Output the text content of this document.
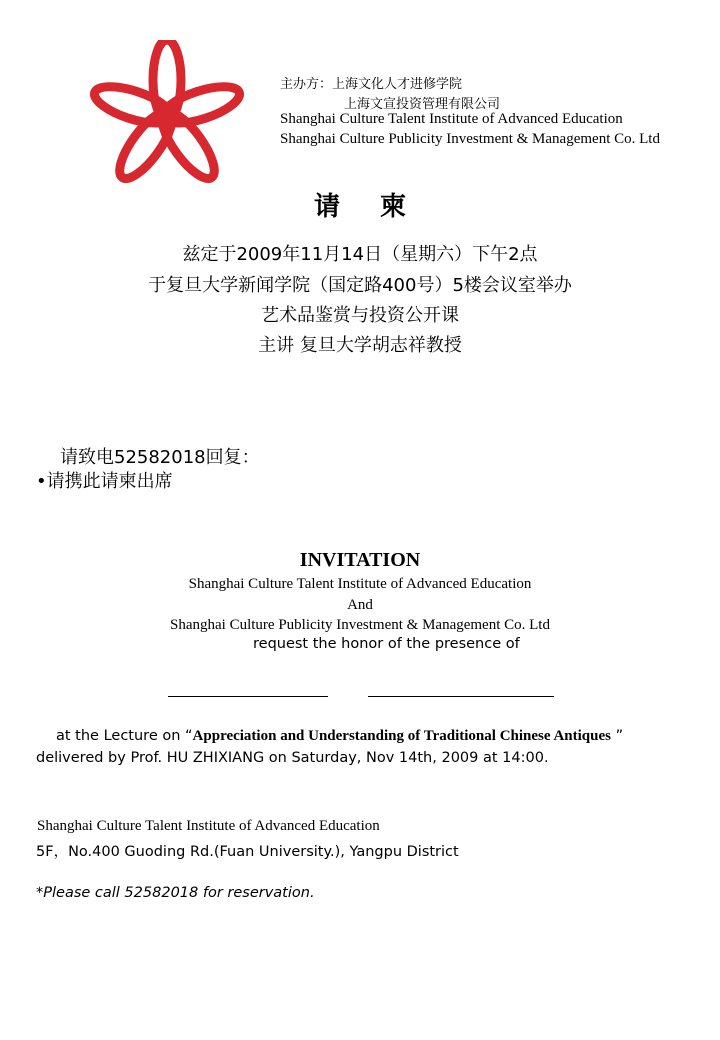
主办方：上海文化人才进修学院
上海文宣投资管理有限公司
Shanghai Culture Talent Institute of Advanced Education
Shanghai Culture Publicity Investment & Management Co. Ltd
请柬
兹定于2009年11月14日（星期六）下午2点
于复旦大学新闻学院（国定路400号）5楼会议室举办
艺术品鉴赏与投资公开课
主讲 复旦大学胡志祥教授
请致电52582018回复：
•请携此请柬出席
INVITATION
Shanghai Culture Talent Institute of Advanced Education
And
Shanghai Culture Publicity Investment & Management Co. Ltd
request the honor of the presence of
at the Lecture on “Appreciation and Understanding of Traditional Chinese Antiques ”
delivered by Prof. HU ZHIXIANG on Saturday, Nov 14th, 2009 at 14:00.
Shanghai Culture Talent Institute of Advanced Education
5F，No.400 Guoding Rd.(Fuan University.), Yangpu District
*Please call 52582018 for reservation.
